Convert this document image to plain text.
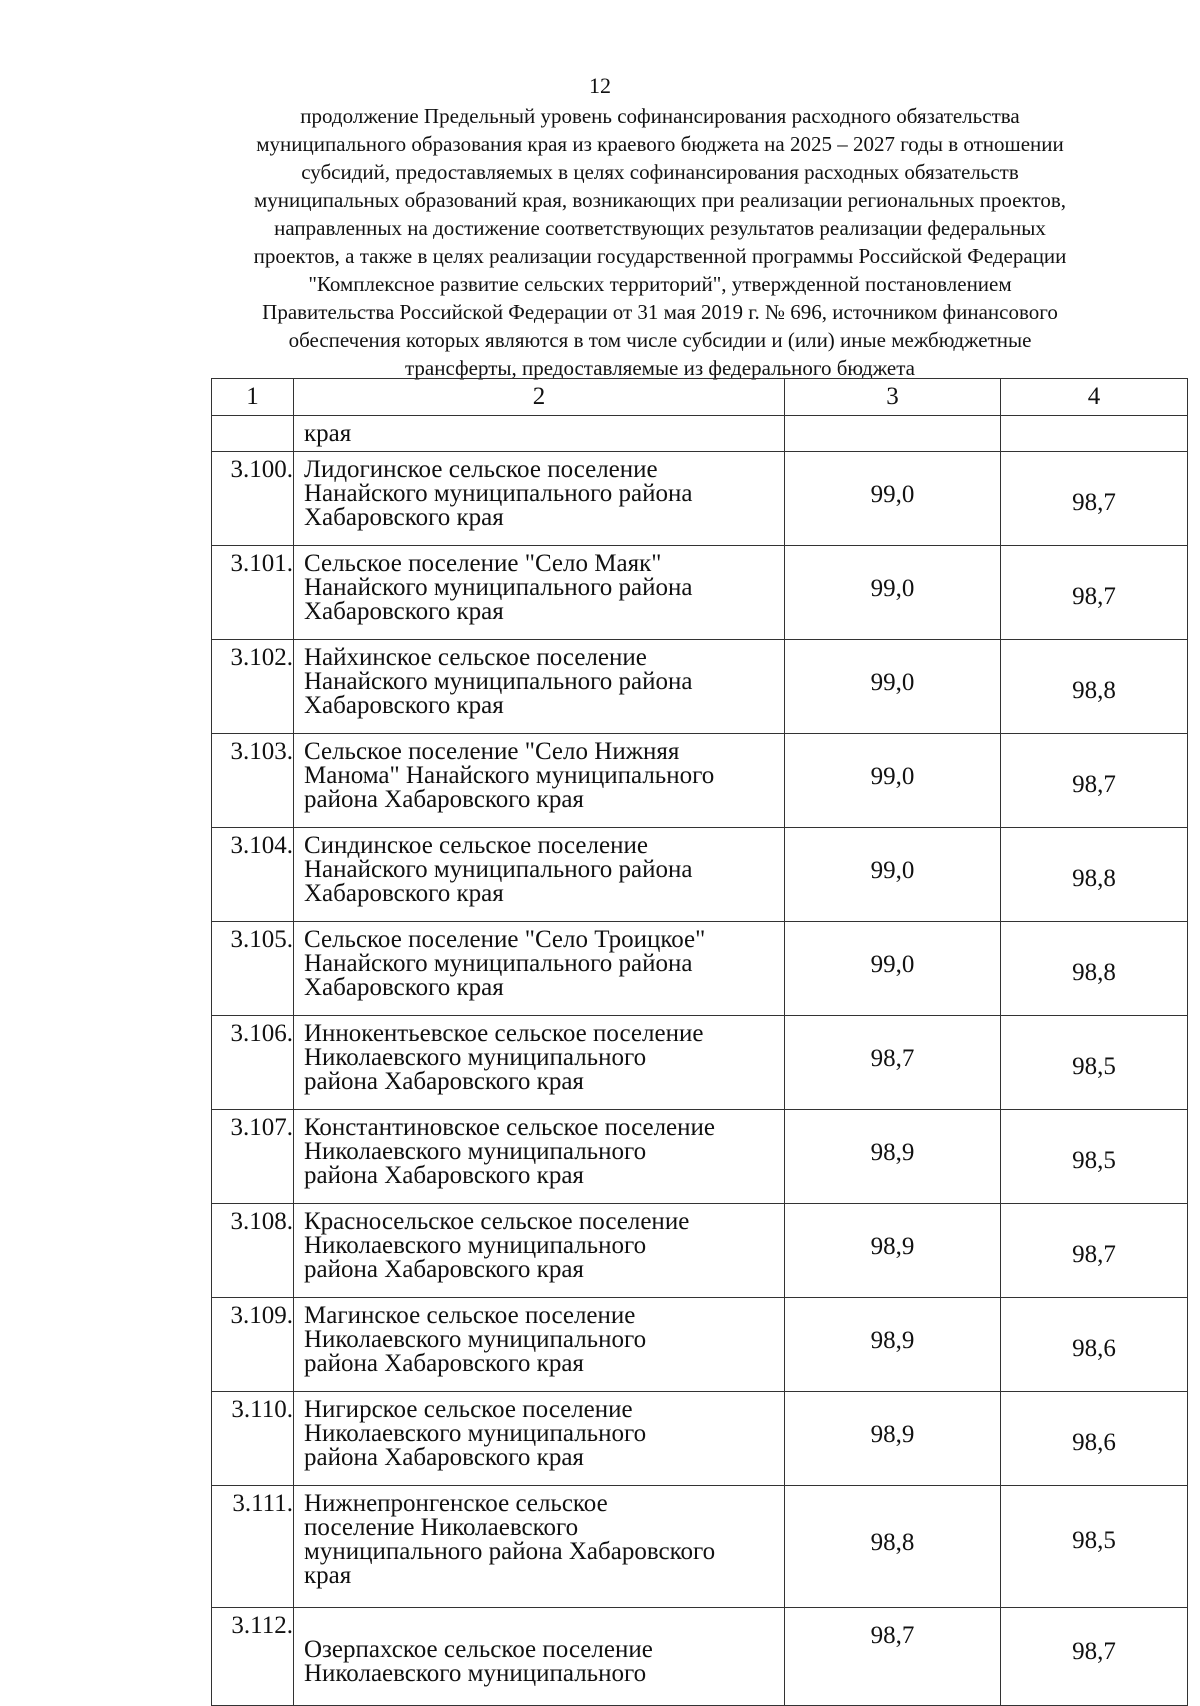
12
продолжение Предельный уровень софинансирования расходного обязательства
муниципального образования края из краевого бюджета на 2025 – 2027 годы в отношении
субсидий, предоставляемых в целях софинансирования расходных обязательств
муниципальных образований края, возникающих при реализации региональных проектов,
направленных на достижение соответствующих результатов реализации федеральных
проектов, а также в целях реализации государственной программы Российской Федерации
"Комплексное развитие сельских территорий", утвержденной постановлением
Правительства Российской Федерации от 31 мая 2019 г. № 696, источником финансового
обеспечения которых являются в том числе субсидии и (или) иные межбюджетные
трансферты, предоставляемые из федерального бюджета
1	2	3	4
	края		
3.100.	Лидогинское сельское поселение
Нанайского муниципального района
Хабаровского края	99,0	98,7
3.101.	Сельское поселение "Село Маяк"
Нанайского муниципального района
Хабаровского края	99,0	98,7
3.102.	Найхинское сельское поселение
Нанайского муниципального района
Хабаровского края	99,0	98,8
3.103.	Сельское поселение "Село Нижняя
Манома" Нанайского муниципального
района Хабаровского края	99,0	98,7
3.104.	Синдинское сельское поселение
Нанайского муниципального района
Хабаровского края	99,0	98,8
3.105.	Сельское поселение "Село Троицкое"
Нанайского муниципального района
Хабаровского края	99,0	98,8
3.106.	Иннокентьевское сельское поселение
Николаевского муниципального
района Хабаровского края	98,7	98,5
3.107.	Константиновское сельское поселение
Николаевского муниципального
района Хабаровского края	98,9	98,5
3.108.	Красносельское сельское поселение
Николаевского муниципального
района Хабаровского края	98,9	98,7
3.109.	Магинское сельское поселение
Николаевского муниципального
района Хабаровского края	98,9	98,6
3.110.	Нигирское сельское поселение
Николаевского муниципального
района Хабаровского края	98,9	98,6
3.111.	Нижнепронгенское сельское
поселение Николаевского
муниципального района Хабаровского
края	98,8	98,5
3.112.	Озерпахское сельское поселение
Николаевского муниципального	98,7	98,7
